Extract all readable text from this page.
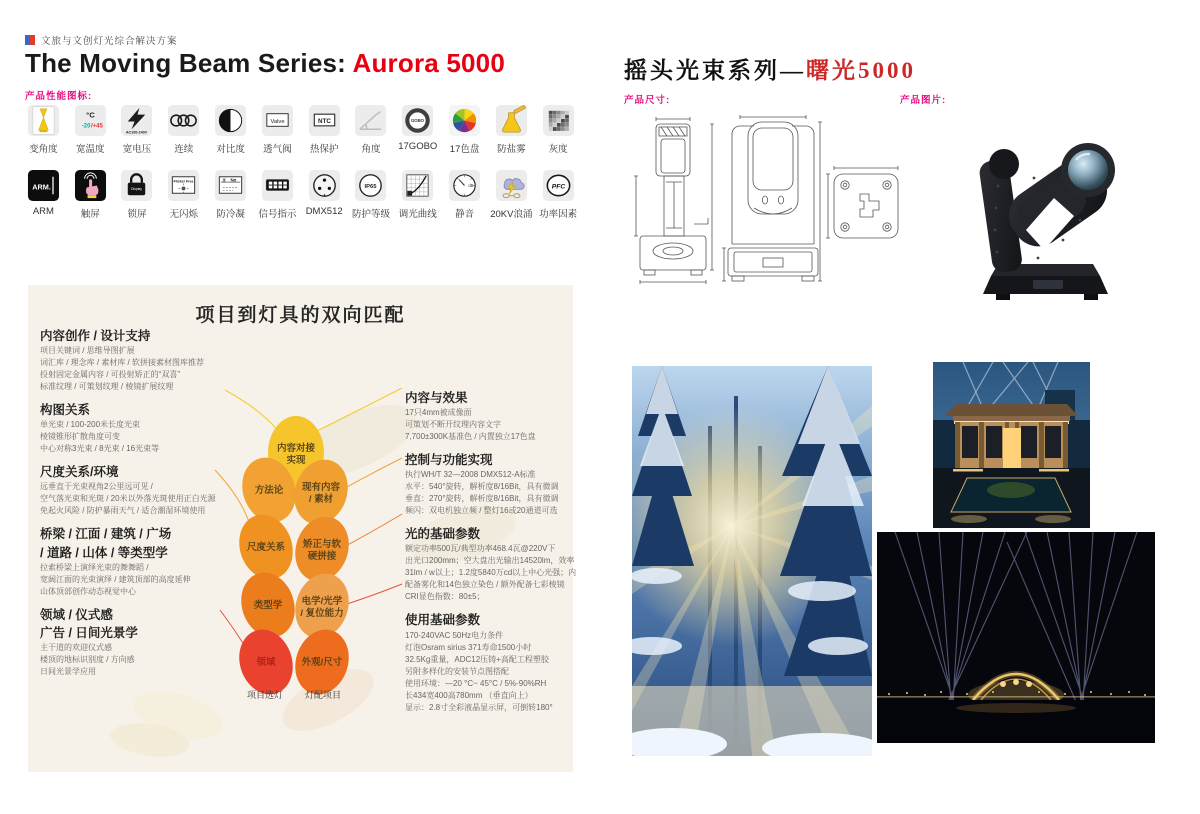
文旅与文创灯光综合解决方案
The Moving Beam Series: Aurora 5000
产品性能图标:
变角度
°C
-20 /+45
宽温度
AC100-240V
宽电压 连续 对比度
Valve
透气阀
NTC
热保护 角度
GOBO
17GOBO 17色盘 防盐雾 灰度
ARM.
ARM	触屏
Display
锁屏
Flicker Free
无闪烁
No
防冷凝 信号指示 DMX512
IP65
防护等级 调光曲线
dB
静音 20KV浪涌
PFC
功率因素
项目到灯具的双向匹配
内容创作 / 设计支持
项目关键词 / 思维导图扩展
词汇库 / 理念库 / 素材库 / 软拼接素材图库推荐
投射固定金属内容 / 可投射矫正的“双喜”
标准纹理 / 可策划纹理 / 棱镜扩展纹理
构图关系
单光束 / 100-200米长度光束
棱镜锥形扩散角度可变
中心对称3光束 / 8光束 / 16光束等
尺度关系/环境
远垂直于光束视角2公里远可见 /
空气落光束和光斑 / 20米以外落光斑使用正白光源
免起火风险 / 防护暴雨天气 / 适合潮湿环境使用
桥梁 / 江面 / 建筑 / 广场
/ 道路 / 山体 / 等类型学
拉索桥梁上演绎光束的舞舞蹈 /
宽阔江面的光束演绎 / 建筑顶部的高度延伸
山体顶部创作动态视觉中心
领域 / 仪式感
广告 / 日间光景学
主干道的欢迎仪式感
楼顶的地标识别度 / 方向感
日间光景学应用
内容与效果
17只4mm被成像面
可策划不断开纹理内容文字
7,700±300K基准色 / 内置独立17色盘
控制与功能实现
执行WH/T 32—2008 DMX512-A标准
水平：540°旋转，解析度8/16Bit，具有微调
垂直：270°旋转，解析度8/16Bit，具有微调
频闪：双电机独立频 / 整灯16或20通道可选
光的基础参数
额定功率500瓦/典型功率468.4瓦@220V下
出光口200mm；空大盘出光输出14520lm，效率
31lm / w以上；1.2度5840万cd以上中心光强；内
配备雾化和14色独立染色 / 额外配备七彩棱镜
CRI显色指数：80±5；
使用基础参数
170-240VAC 50Hz电力条件
灯泡Osram sirius 371寿命1500小时
32.5Kg重量，ADC12压铸+高配工程塑胶
另附多样化的安装节点图搭配
使用环境：—20 °C~ 45°C / 5%-90%RH
长434宽400高780mm （垂直向上）
显示：2.8寸全彩液晶显示屏，可倒转180°
内容对接
实现
方法论 现有内容
/ 素材
尺度关系 矫正与软
硬拼接
类型学 电学/光学
/ 复位能力
领域	外观/尺寸
项目选灯 灯配项目
摇头光束系列—曙光5000
产品尺寸:	产品图片:
